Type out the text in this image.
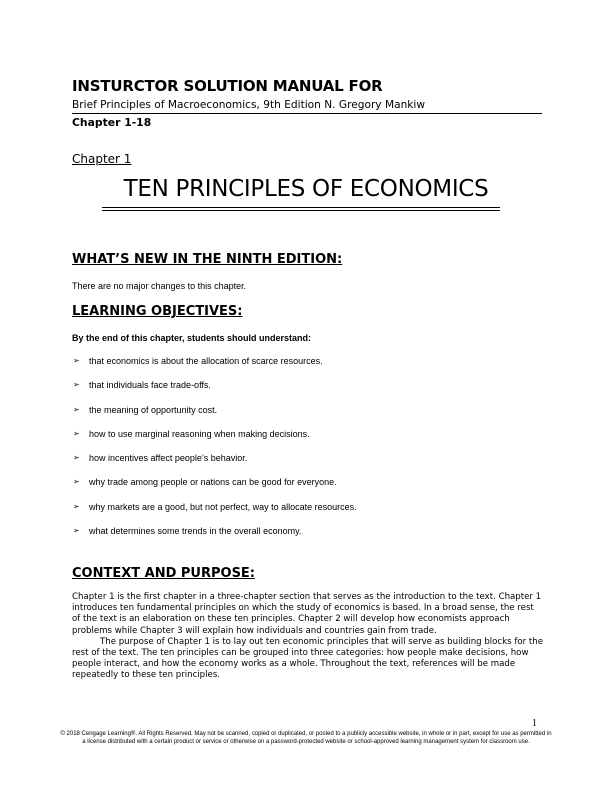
INSTURCTOR SOLUTION MANUAL FOR
Brief Principles of Macroeconomics, 9th Edition N. Gregory Mankiw
Chapter 1-18
Chapter 1
TEN PRINCIPLES OF ECONOMICS
WHAT’S NEW IN THE NINTH EDITION:
There are no major changes to this chapter.
LEARNING OBJECTIVES:
By the end of this chapter, students should understand:
➢ that economics is about the allocation of scarce resources.
➢ that individuals face trade-offs.
➢ the meaning of opportunity cost.
➢ how to use marginal reasoning when making decisions.
➢ how incentives affect people’s behavior.
➢ why trade among people or nations can be good for everyone.
➢ why markets are a good, but not perfect, way to allocate resources.
➢ what determines some trends in the overall economy.
CONTEXT AND PURPOSE:

Chapter 1 is the first chapter in a three-chapter section that serves as the introduction to the text. Chapter 1 introduces ten fundamental principles on which the study of economics is based. In a broad sense, the rest of the text is an elaboration on these ten principles. Chapter 2 will develop how economists approach problems while Chapter 3 will explain how individuals and countries gain from trade.

The purpose of Chapter 1 is to lay out ten economic principles that will serve as building blocks for the rest of the text. The ten principles can be grouped into three categories: how people make decisions, how people interact, and how the economy works as a whole. Throughout the text, references will be made repeatedly to these ten principles.

1
© 2018 Cengage Learning®. All Rights Reserved. May not be scanned, copied or duplicated, or posted to a publicly accessible website, in whole or in part, except for use as permitted in a license distributed with a certain product or service or otherwise on a password-protected website or school-approved learning management system for classroom use.
